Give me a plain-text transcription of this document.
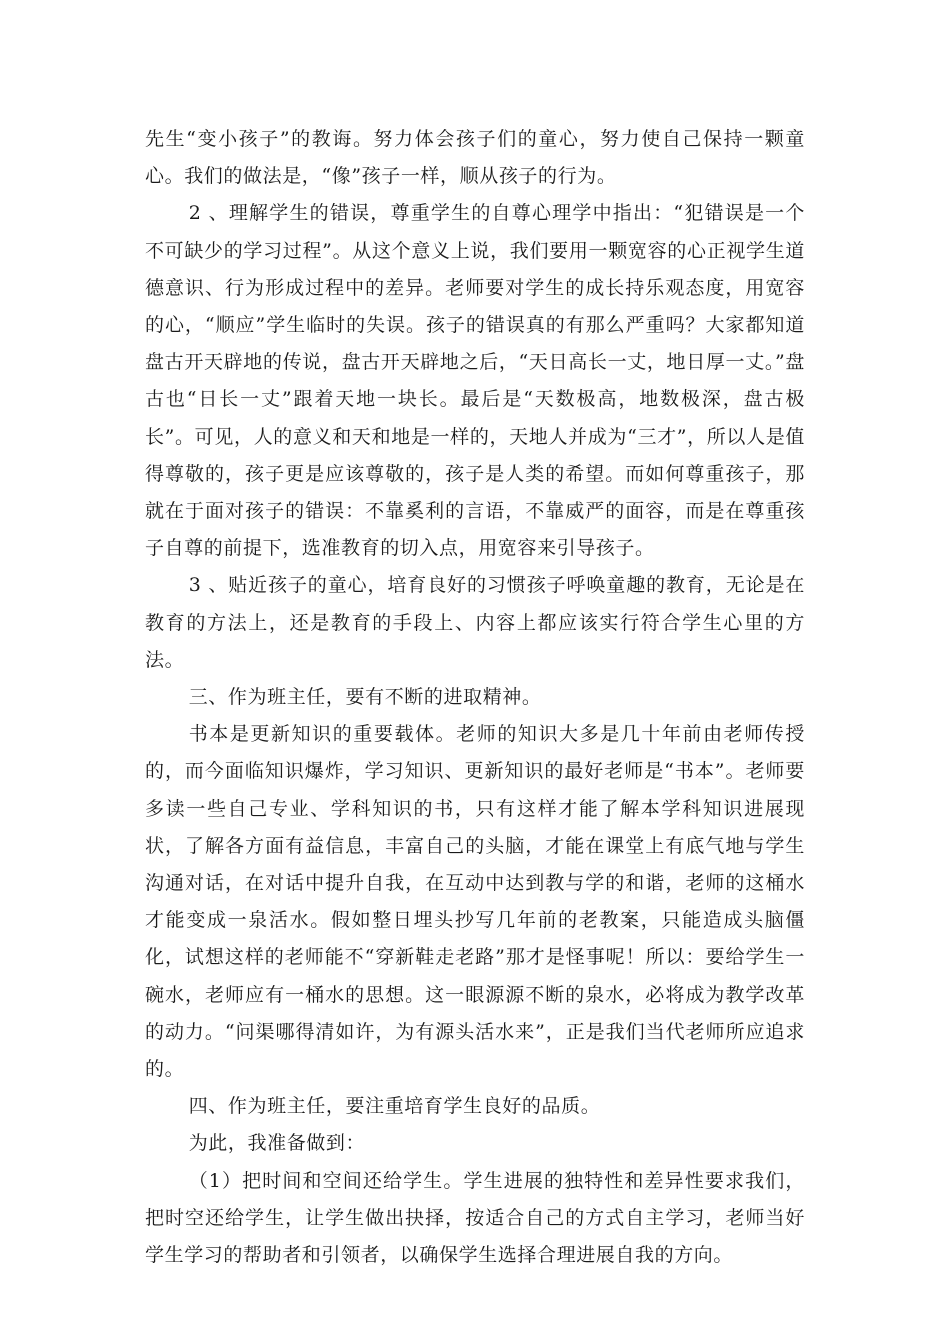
先生“变小孩子”的教诲。努力体会孩子们的童心，努力使自己保持一颗童心。我们的做法是，“像”孩子一样，顺从孩子的行为。

2 、理解学生的错误，尊重学生的自尊心理学中指出：“犯错误是一个不可缺少的学习过程”。从这个意义上说，我们要用一颗宽容的心正视学生道德意识、行为形成过程中的差异。老师要对学生的成长持乐观态度，用宽容的心，“顺应”学生临时的失误。孩子的错误真的有那么严重吗？大家都知道盘古开天辟地的传说，盘古开天辟地之后，“天日高长一丈，地日厚一丈。”盘古也“日长一丈”跟着天地一块长。最后是“天数极高，地数极深，盘古极长”。可见，人的意义和天和地是一样的，天地人并成为“三才”，所以人是值得尊敬的，孩子更是应该尊敬的，孩子是人类的希望。而如何尊重孩子，那就在于面对孩子的错误：不靠奚利的言语，不靠威严的面容，而是在尊重孩子自尊的前提下，选准教育的切入点，用宽容来引导孩子。

3 、贴近孩子的童心，培育良好的习惯孩子呼唤童趣的教育，无论是在教育的方法上，还是教育的手段上、内容上都应该实行符合学生心里的方法。

三、作为班主任，要有不断的进取精神。

书本是更新知识的重要载体。老师的知识大多是几十年前由老师传授的，而今面临知识爆炸，学习知识、更新知识的最好老师是“书本”。老师要多读一些自己专业、学科知识的书，只有这样才能了解本学科知识进展现状，了解各方面有益信息，丰富自己的头脑，才能在课堂上有底气地与学生沟通对话，在对话中提升自我，在互动中达到教与学的和谐，老师的这桶水才能变成一泉活水。假如整日埋头抄写几年前的老教案，只能造成头脑僵化，试想这样的老师能不“穿新鞋走老路”那才是怪事呢！所以：要给学生一碗水，老师应有一桶水的思想。这一眼源源不断的泉水，必将成为教学改革的动力。“问渠哪得清如许，为有源头活水来”，正是我们当代老师所应追求的。

四、作为班主任，要注重培育学生良好的品质。

为此，我准备做到：

（1）把时间和空间还给学生。学生进展的独特性和差异性要求我们，把时空还给学生，让学生做出抉择，按适合自己的方式自主学习，老师当好学生学习的帮助者和引领者，以确保学生选择合理进展自我的方向。
